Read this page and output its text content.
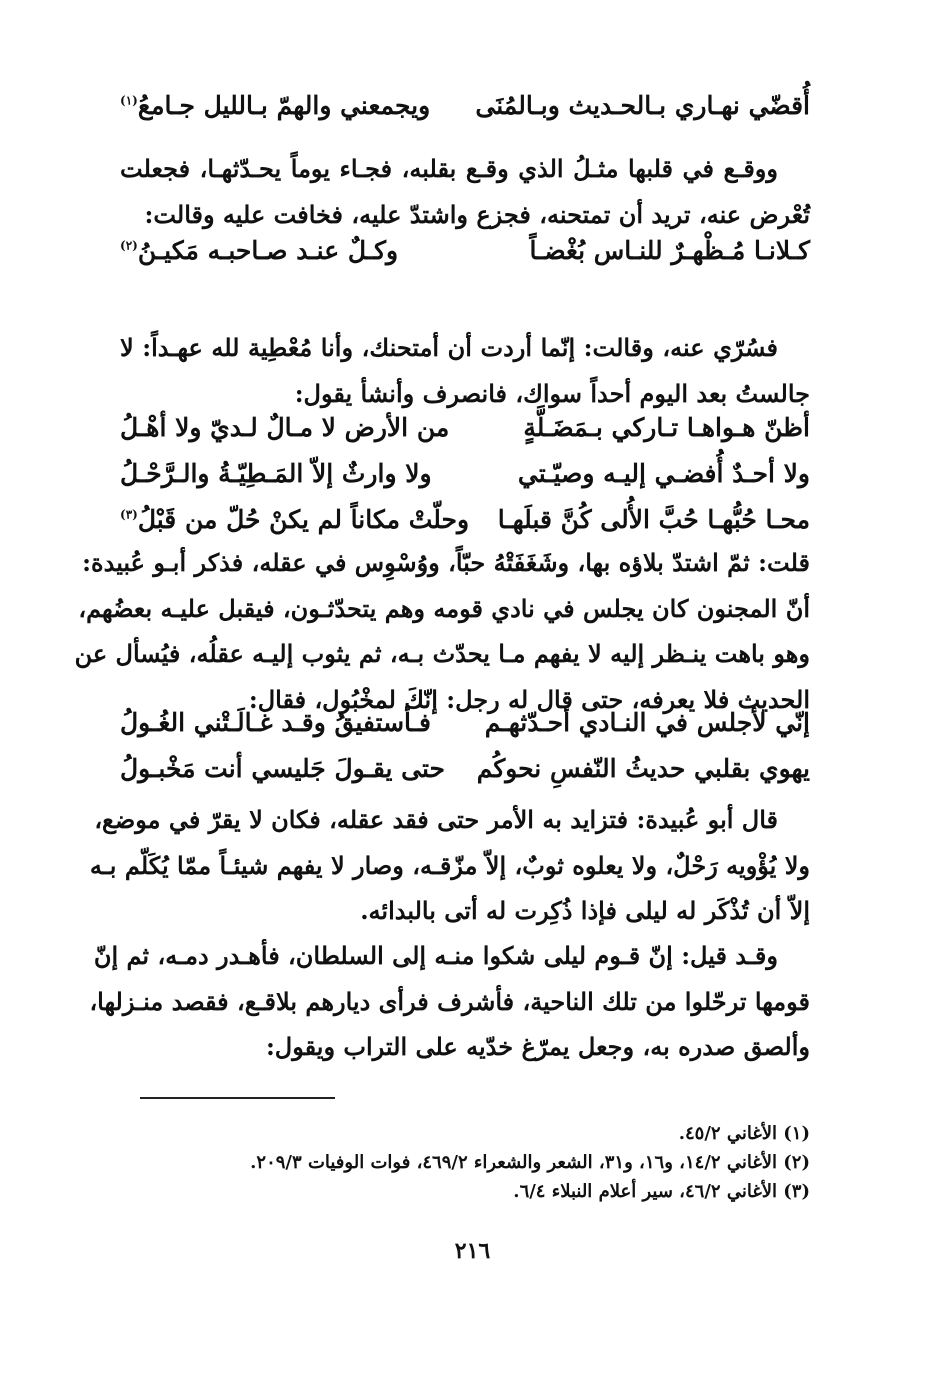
أُقضّي نهـاري بـالحـديث وبـالمُنَى
ويجمعني والهمّ بـالليل جـامعُ$^{(١)}$
ووقـع في قلبها مثـلُ الذي وقـع بقلبه، فجـاء يوماً يحـدّثهـا، فجعلت
تُعْرض عنه، تريد أن تمتحنه، فجزع واشتدّ عليه، فخافت عليه وقالت:
كـلانـا مُـظْهـرٌ للنـاس بُغْضـاً
وكـلٌ عنـد صـاحبـه مَكيـنُ$^{(٢)}$
فسُرّي عنه، وقالت: إنّما أردت أن أمتحنك، وأنا مُعْطِية لله عهـداً: لا
جالستُ بعد اليوم أحداً سواك، فانصرف وأنشأ يقول:
أظنّ هـواهـا تـاركي بـمَضَـلَّةٍ
من الأرض لا مـالٌ لـديّ ولا أهْـلُ
ولا أحـدٌ أُفضـي إليـه وصيّـتي
ولا وارثٌ إلاّ المَـطِيّـةُ والـرَّحْـلُ
محـا حُبُّهـا حُبَّ الأُلى كُنَّ قبلَهـا
وحلّتْ مكاناً لم يكنْ حُلّ من قَبْلُ$^{(٣)}$
قلت: ثمّ اشتدّ بلاؤه بها، وشَغَفَتْهُ حبّاً، ووُسْوِس في عقله، فذكر أبـو عُبيدة:
أنّ المجنون كان يجلس في نادي قومه وهم يتحدّثـون، فيقبل عليـه بعضُهم،
وهو باهت ينـظر إليه لا يفهم مـا يحدّث بـه، ثم يثوب إليـه عقلُه، فيُسأل عن
الحديث فلا يعرفه، حتى قال له رجل: إنّكَ لمخْبُول، فقال:
إنّي لأجلس في النـادي أحـدّثهـم
فـأستفيقُ وقـد غـالَـتْني الغُـولُ
يهوي بقلبي حديثُ النّفسِ نحوكُم
حتى يقـولَ جَليسي أنت مَخْبـولُ
قال أبو عُبيدة: فتزايد به الأمر حتى فقد عقله، فكان لا يقرّ في موضع،
ولا يُؤْويه رَحْلٌ، ولا يعلوه ثوبٌ، إلاّ مزّقـه، وصار لا يفهم شيئـاً ممّا يُكَلّم بـه
إلاّ أن تُذْكَر له ليلى فإذا ذُكِرت له أتى بالبدائه.
وقـد قيل: إنّ قـوم ليلى شكوا منـه إلى السلطان، فأهـدر دمـه، ثم إنّ
قومها ترحّلوا من تلك الناحية، فأشرف فرأى ديارهم بلاقـع، فقصد منـزلها،
وألصق صدره به، وجعل يمرّغ خدّيه على التراب ويقول:
(١) الأغاني ٤٥/٢.
(٢) الأغاني ١٤/٢، و١٦، و٣١، الشعر والشعراء ٤٦٩/٢، فوات الوفيات ٢٠٩/٣.
(٣) الأغاني ٤٦/٢، سير أعلام النبلاء ٦/٤.
٢١٦
